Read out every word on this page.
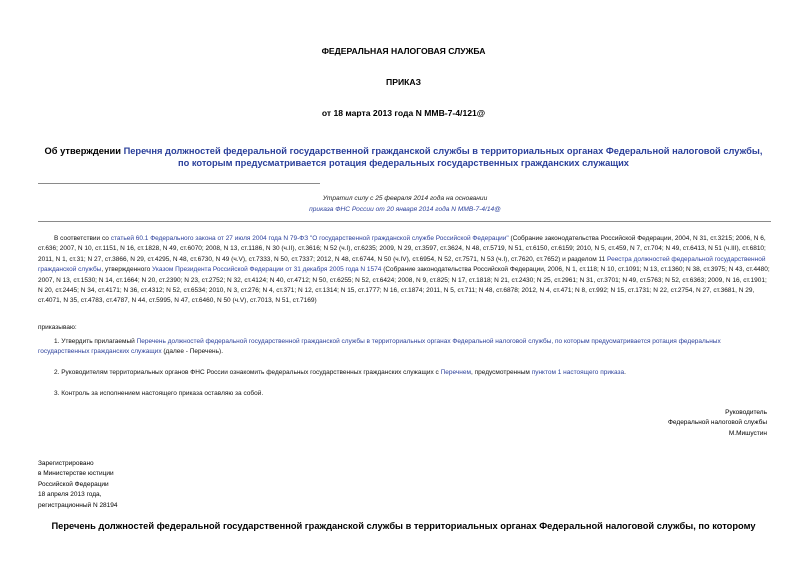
ФЕДЕРАЛЬНАЯ НАЛОГОВАЯ СЛУЖБА
ПРИКАЗ
от 18 марта 2013 года N ММВ-7-4/121@
Об утверждении Перечня должностей федеральной государственной гражданской службы в территориальных органах Федеральной налоговой службы, по которым предусматривается ротация федеральных государственных гражданских служащих
Утратил силу с 25 февраля 2014 года на основании
приказа ФНС России от 20 января 2014 года N ММВ-7-4/14@

В соответствии со статьей 60.1 Федерального закона от 27 июля 2004 года N 79-ФЗ "О государственной гражданской службе Российской Федерации" (Собрание законодательства Российской Федерации, 2004, N 31, ст.3215; 2006, N 6, ст.636; 2007, N 10, ст.1151, N 16, ст.1828, N 49, ст.6070; 2008, N 13, ст.1186, N 30 (ч.II), ст.3616; N 52 (ч.I), ст.6235; 2009, N 29, ст.3597, ст.3624, N 48, ст.5719, N 51, ст.6150, ст.6159; 2010, N 5, ст.459, N 7, ст.704; N 49, ст.6413, N 51 (ч.III), ст.6810; 2011, N 1, ст.31; N 27, ст.3866, N 29, ст.4295, N 48, ст.6730, N 49 (ч.V), ст.7333, N 50, ст.7337; 2012, N 48, ст.6744, N 50 (ч.IV), ст.6954, N 52, ст.7571, N 53 (ч.I), ст.7620, ст.7652) и разделом 11 Реестра должностей федеральной государственной гражданской службы, утвержденного Указом Президента Российской Федерации от 31 декабря 2005 года N 1574 (Собрание законодательства Российской Федерации, 2006, N 1, ст.118; N 10, ст.1091; N 13, ст.1360; N 38, ст.3975; N 43, ст.4480; 2007, N 13, ст.1530; N 14, ст.1664; N 20, ст.2390; N 23, ст.2752; N 32, ст.4124; N 40, ст.4712; N 50, ст.6255; N 52, ст.6424; 2008, N 9, ст.825; N 17, ст.1818; N 21, ст.2430; N 25, ст.2961; N 31, ст.3701; N 49, ст.5763; N 52, ст.6363; 2009, N 16, ст.1901; N 20, ст.2445; N 34, ст.4171; N 36, ст.4312; N 52, ст.6534; 2010, N 3, ст.276; N 4, ст.371; N 12, ст.1314; N 15, ст.1777; N 16, ст.1874; 2011, N 5, ст.711; N 48, ст.6878; 2012, N 4, ст.471; N 8, ст.992; N 15, ст.1731; N 22, ст.2754, N 27, ст.3681, N 29, ст.4071, N 35, ст.4783, ст.4787, N 44, ст.5995, N 47, ст.6460, N 50 (ч.V), ст.7013, N 51, ст.7169)

приказываю:

1. Утвердить прилагаемый Перечень должностей федеральной государственной гражданской службы в территориальных органах Федеральной налоговой службы, по которым предусматривается ротация федеральных государственных гражданских служащих (далее - Перечень).

2. Руководителям территориальных органов ФНС России ознакомить федеральных государственных гражданских служащих с Перечнем, предусмотренным пунктом 1 настоящего приказа.

3. Контроль за исполнением настоящего приказа оставляю за собой.

Руководитель
Федеральной налоговой службы
М.Мишустин
Зарегистрировано
в Министерстве юстиции
Российской Федерации
18 апреля 2013 года,
регистрационный N 28194
Перечень должностей федеральной государственной гражданской службы в территориальных органах Федеральной налоговой службы, по которому
